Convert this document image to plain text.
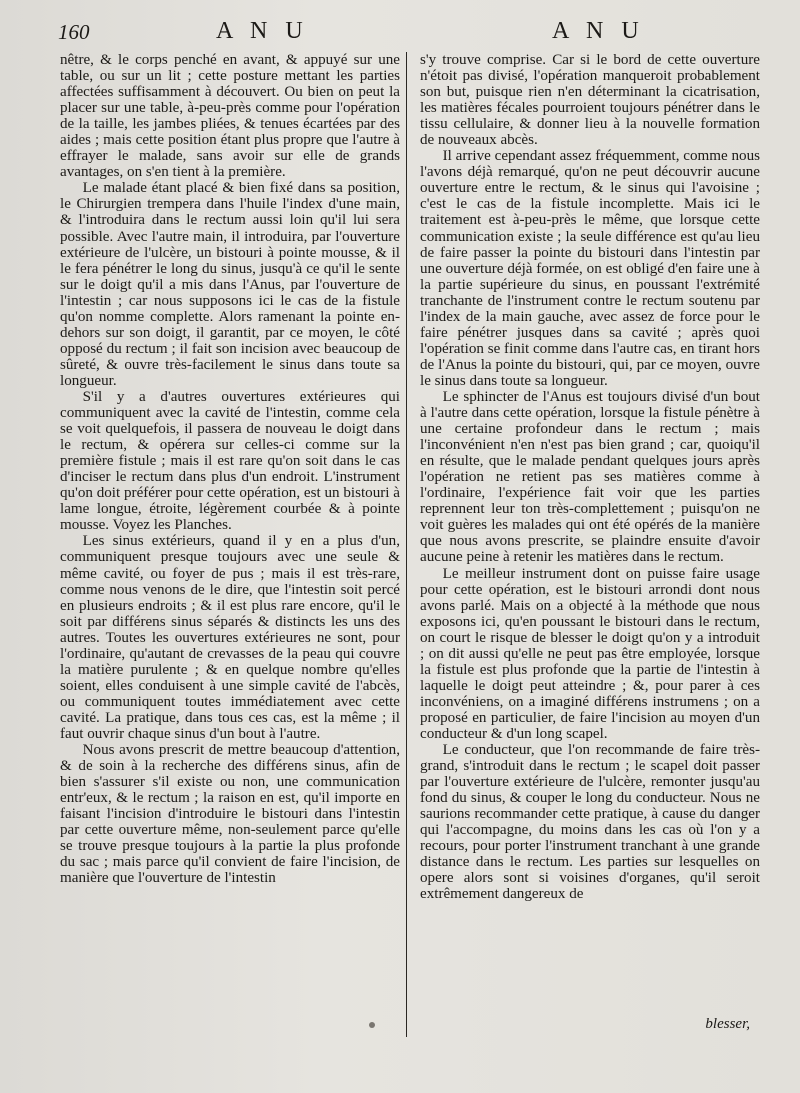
160	A N U	A N U

nêtre, & le corps penché en avant, & appuyé sur une table, ou sur un lit ; cette posture mettant les parties affectées suffisamment à découvert. Ou bien on peut la placer sur une table, à-peu-près comme pour l'opération de la taille, les jambes pliées, & tenues écartées par des aides ; mais cette position étant plus propre que l'autre à effrayer le malade, sans avoir sur elle de grands avantages, on s'en tient à la première.

Le malade étant placé & bien fixé dans sa position, le Chirurgien trempera dans l'huile l'index d'une main, & l'introduira dans le rectum aussi loin qu'il lui sera possible. Avec l'autre main, il introduira, par l'ouverture extérieure de l'ulcère, un bistouri à pointe mousse, & il le fera pénétrer le long du sinus, jusqu'à ce qu'il le sente sur le doigt qu'il a mis dans l'Anus, par l'ouverture de l'intestin ; car nous supposons ici le cas de la fistule qu'on nomme complette. Alors ramenant la pointe en-dehors sur son doigt, il garantit, par ce moyen, le côté opposé du rectum ; il fait son incision avec beaucoup de sûreté, & ouvre très-facilement le sinus dans toute sa longueur.

S'il y a d'autres ouvertures extérieures qui communiquent avec la cavité de l'intestin, comme cela se voit quelquefois, il passera de nouveau le doigt dans le rectum, & opérera sur celles-ci comme sur la première fistule ; mais il est rare qu'on soit dans le cas d'inciser le rectum dans plus d'un endroit. L'instrument qu'on doit préférer pour cette opération, est un bistouri à lame longue, étroite, légèrement courbée & à pointe mousse. Voyez les Planches.

Les sinus extérieurs, quand il y en a plus d'un, communiquent presque toujours avec une seule & même cavité, ou foyer de pus ; mais il est très-rare, comme nous venons de le dire, que l'intestin soit percé en plusieurs endroits ; & il est plus rare encore, qu'il le soit par différens sinus séparés & distincts les uns des autres. Toutes les ouvertures extérieures ne sont, pour l'ordinaire, qu'autant de crevasses de la peau qui couvre la matière purulente ; & en quelque nombre qu'elles soient, elles conduisent à une simple cavité de l'abcès, ou communiquent toutes immédiatement avec cette cavité. La pratique, dans tous ces cas, est la même ; il faut ouvrir chaque sinus d'un bout à l'autre.

Nous avons prescrit de mettre beaucoup d'attention, & de soin à la recherche des différens sinus, afin de bien s'assurer s'il existe ou non, une communication entr'eux, & le rectum ; la raison en est, qu'il importe en faisant l'incision d'introduire le bistouri dans l'intestin par cette ouverture même, non-seulement parce qu'elle se trouve presque toujours à la partie la plus profonde du sac ; mais parce qu'il convient de faire l'incision, de manière que l'ouverture de l'intestin

s'y trouve comprise. Car si le bord de cette ouverture n'étoit pas divisé, l'opération manqueroit probablement son but, puisque rien n'en déterminant la cicatrisation, les matières fécales pourroient toujours pénétrer dans le tissu cellulaire, & donner lieu à la nouvelle formation de nouveaux abcès.

Il arrive cependant assez fréquemment, comme nous l'avons déjà remarqué, qu'on ne peut découvrir aucune ouverture entre le rectum, & le sinus qui l'avoisine ; c'est le cas de la fistule incomplette. Mais ici le traitement est à-peu-près le même, que lorsque cette communication existe ; la seule différence est qu'au lieu de faire passer la pointe du bistouri dans l'intestin par une ouverture déjà formée, on est obligé d'en faire une à la partie supérieure du sinus, en poussant l'extrémité tranchante de l'instrument contre le rectum soutenu par l'index de la main gauche, avec assez de force pour le faire pénétrer jusques dans sa cavité ; après quoi l'opération se finit comme dans l'autre cas, en tirant hors de l'Anus la pointe du bistouri, qui, par ce moyen, ouvre le sinus dans toute sa longueur.

Le sphincter de l'Anus est toujours divisé d'un bout à l'autre dans cette opération, lorsque la fistule pénètre à une certaine profondeur dans le rectum ; mais l'inconvénient n'en n'est pas bien grand ; car, quoiqu'il en résulte, que le malade pendant quelques jours après l'opération ne retient pas ses matières comme à l'ordinaire, l'expérience fait voir que les parties reprennent leur ton très-complettement ; puisqu'on ne voit guères les malades qui ont été opérés de la manière que nous avons prescrite, se plaindre ensuite d'avoir aucune peine à retenir les matières dans le rectum.

Le meilleur instrument dont on puisse faire usage pour cette opération, est le bistouri arrondi dont nous avons parlé. Mais on a objecté à la méthode que nous exposons ici, qu'en poussant le bistouri dans le rectum, on court le risque de blesser le doigt qu'on y a introduit ; on dit aussi qu'elle ne peut pas être employée, lorsque la fistule est plus profonde que la partie de l'intestin à laquelle le doigt peut atteindre ; &, pour parer à ces inconvéniens, on a imaginé différens instrumens ; on a proposé en particulier, de faire l'incision au moyen d'un conducteur & d'un long scapel.

Le conducteur, que l'on recommande de faire très-grand, s'introduit dans le rectum ; le scapel doit passer par l'ouverture extérieure de l'ulcère, remonter jusqu'au fond du sinus, & couper le long du conducteur. Nous ne saurions recommander cette pratique, à cause du danger qui l'accompagne, du moins dans les cas où l'on y a recours, pour porter l'instrument tranchant à une grande distance dans le rectum. Les parties sur lesquelles on opere alors sont si voisines d'organes, qu'il seroit extrêmement dangereux de

blesser,
